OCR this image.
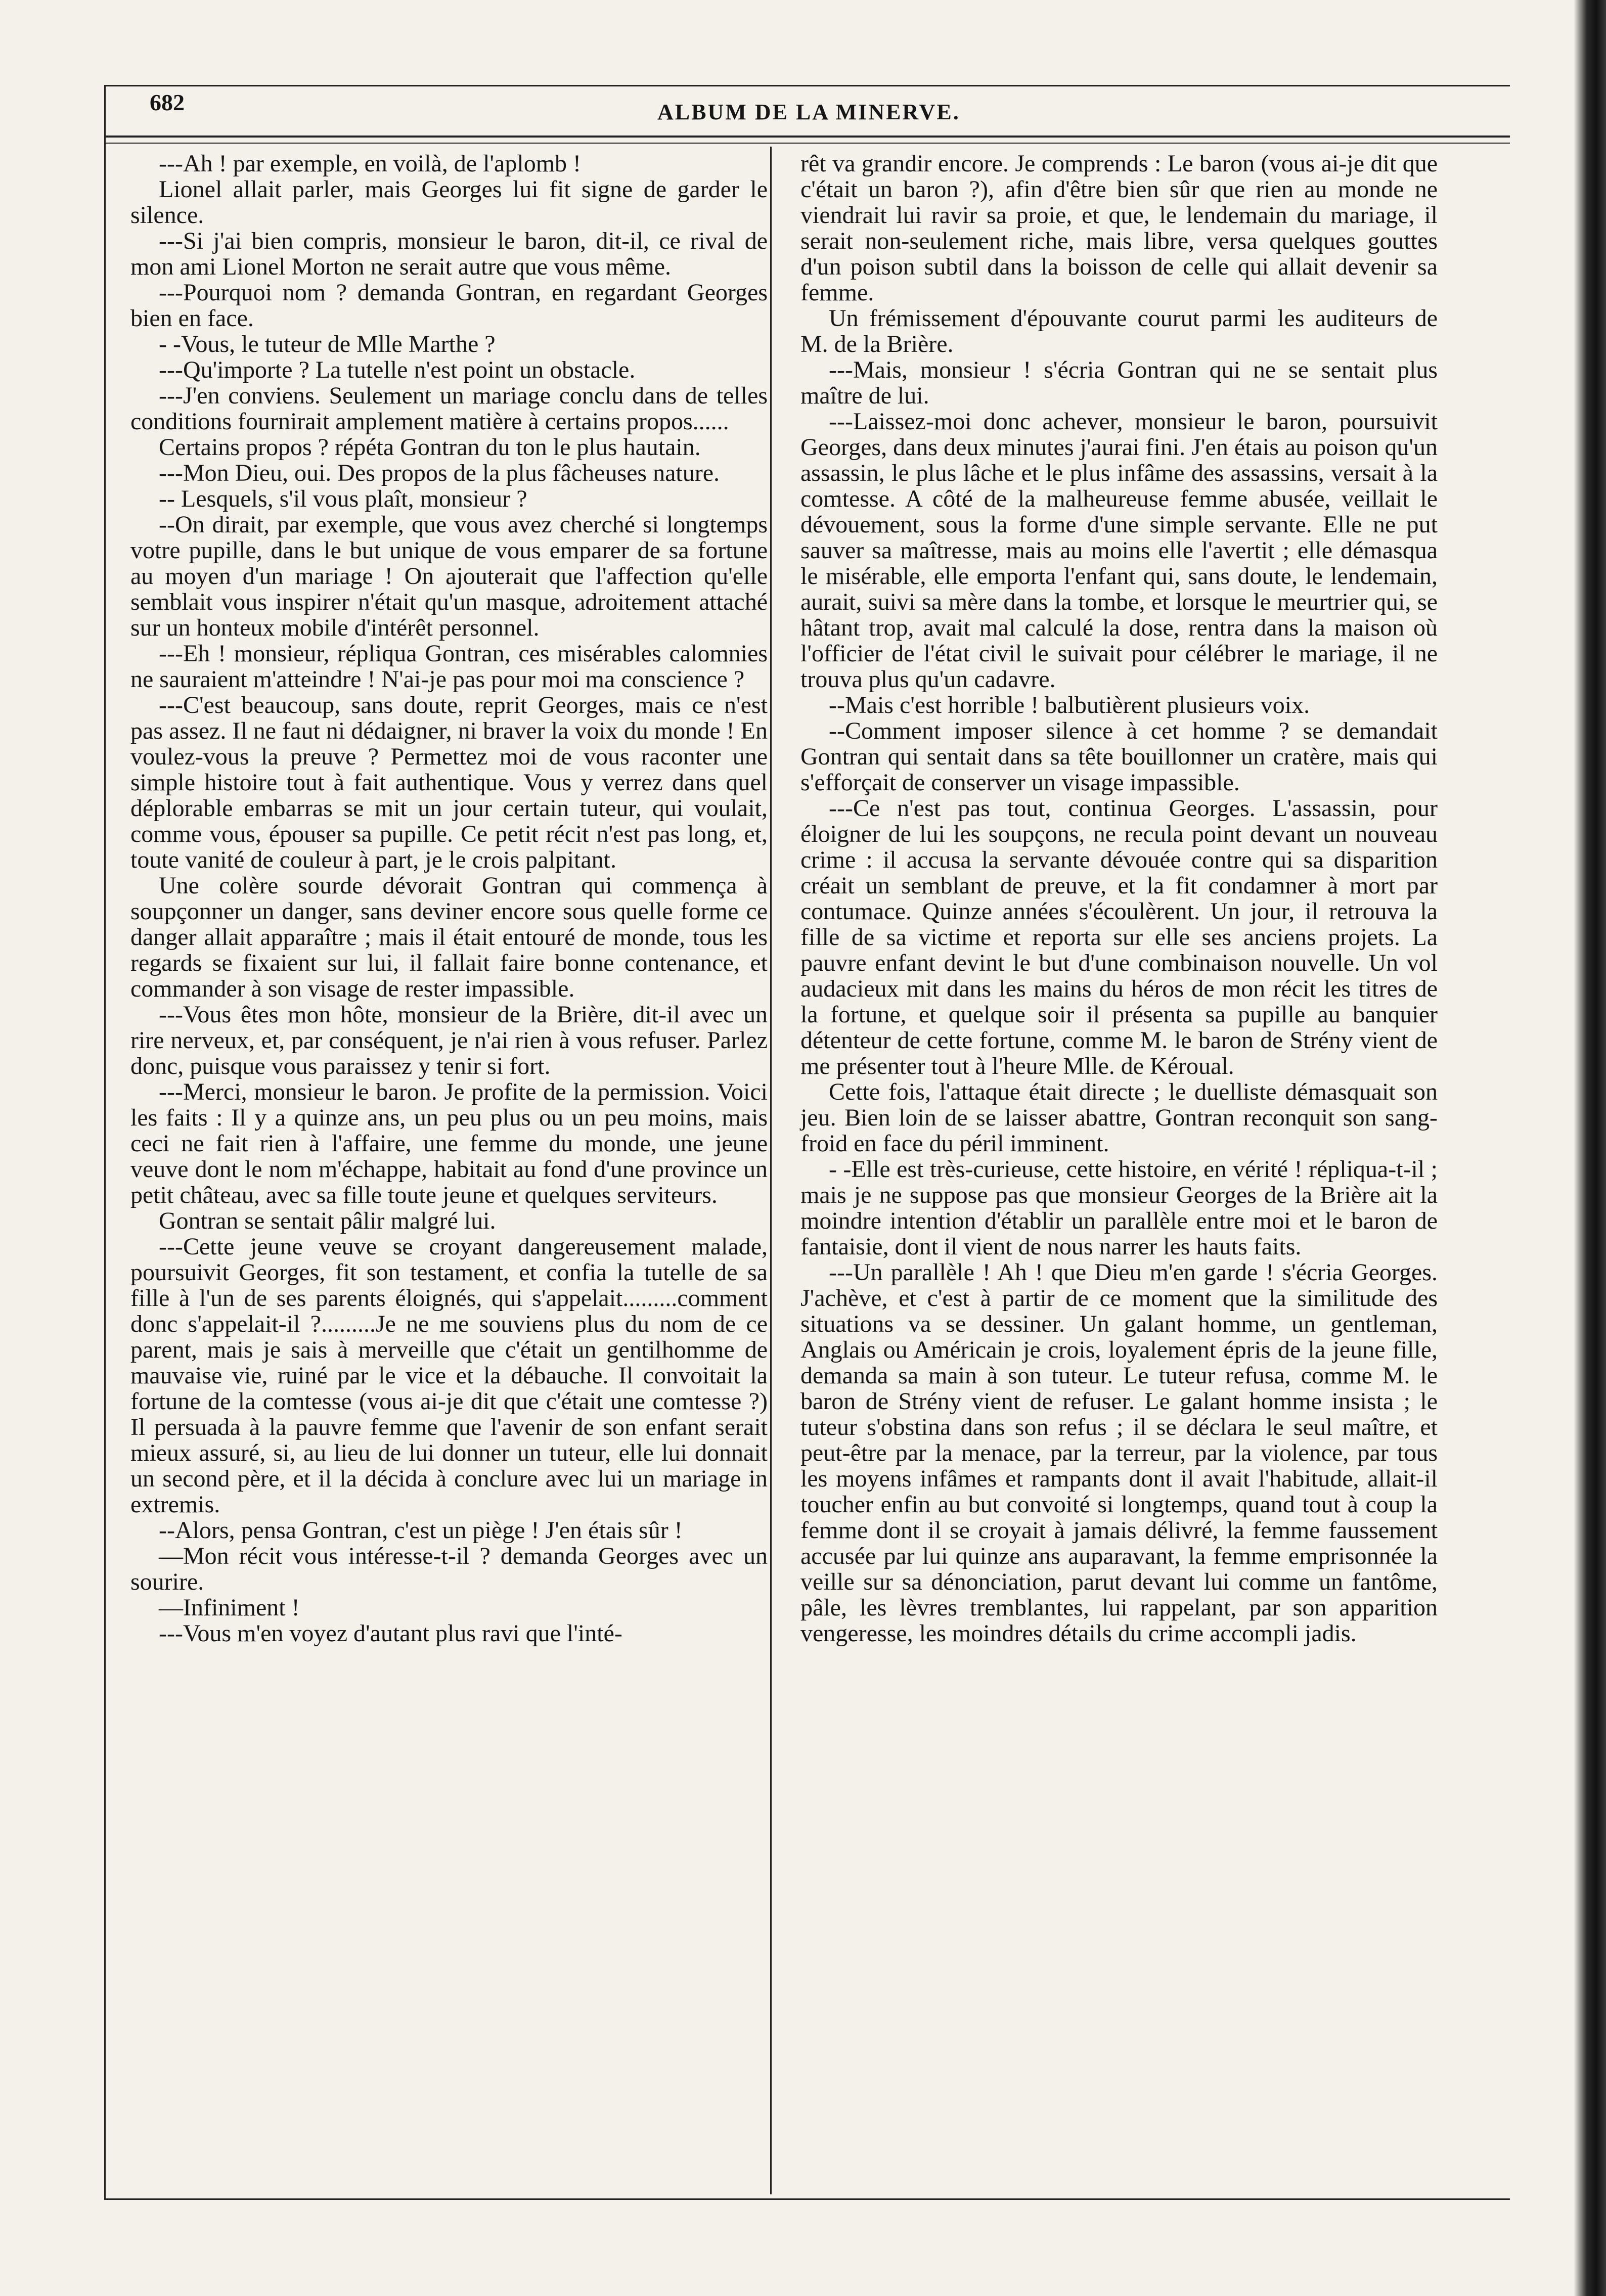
682	ALBUM DE LA MINERVE.

---Ah ! par exemple, en voilà, de l'aplomb !

Lionel allait parler, mais Georges lui fit signe de garder le silence.

---Si j'ai bien compris, monsieur le baron, dit-il, ce rival de mon ami Lionel Morton ne serait autre que vous même.

---Pourquoi nom ? demanda Gontran, en regardant Georges bien en face.

- -Vous, le tuteur de Mlle Marthe ?

---Qu'importe ? La tutelle n'est point un obstacle.

---J'en conviens. Seulement un mariage conclu dans de telles conditions fournirait amplement matière à certains propos......

Certains propos ? répéta Gontran du ton le plus hautain.

---Mon Dieu, oui. Des propos de la plus fâcheuses nature.

-- Lesquels, s'il vous plaît, monsieur ?

--On dirait, par exemple, que vous avez cherché si longtemps votre pupille, dans le but unique de vous emparer de sa fortune au moyen d'un mariage ! On ajouterait que l'affection qu'elle semblait vous inspirer n'était qu'un masque, adroitement attaché sur un honteux mobile d'intérêt personnel.

---Eh ! monsieur, répliqua Gontran, ces misérables calomnies ne sauraient m'atteindre ! N'ai-je pas pour moi ma conscience ?

---C'est beaucoup, sans doute, reprit Georges, mais ce n'est pas assez. Il ne faut ni dédaigner, ni braver la voix du monde ! En voulez-vous la preuve ? Permettez moi de vous raconter une simple histoire tout à fait authentique. Vous y verrez dans quel déplorable embarras se mit un jour certain tuteur, qui voulait, comme vous, épouser sa pupille. Ce petit récit n'est pas long, et, toute vanité de couleur à part, je le crois palpitant.

Une colère sourde dévorait Gontran qui commença à soupçonner un danger, sans deviner encore sous quelle forme ce danger allait apparaître ; mais il était entouré de monde, tous les regards se fixaient sur lui, il fallait faire bonne contenance, et commander à son visage de rester impassible.

---Vous êtes mon hôte, monsieur de la Brière, dit-il avec un rire nerveux, et, par conséquent, je n'ai rien à vous refuser. Parlez donc, puisque vous paraissez y tenir si fort.

---Merci, monsieur le baron. Je profite de la permission. Voici les faits : Il y a quinze ans, un peu plus ou un peu moins, mais ceci ne fait rien à l'affaire, une femme du monde, une jeune veuve dont le nom m'échappe, habitait au fond d'une province un petit château, avec sa fille toute jeune et quelques serviteurs.

Gontran se sentait pâlir malgré lui.

---Cette jeune veuve se croyant dangereusement malade, poursuivit Georges, fit son testament, et confia la tutelle de sa fille à l'un de ses parents éloignés, qui s'appelait.........comment donc s'appelait-il ?.........Je ne me souviens plus du nom de ce parent, mais je sais à merveille que c'était un gentilhomme de mauvaise vie, ruiné par le vice et la débauche. Il convoitait la fortune de la comtesse (vous ai-je dit que c'était une comtesse ?) Il persuada à la pauvre femme que l'avenir de son enfant serait mieux assuré, si, au lieu de lui donner un tuteur, elle lui donnait un second père, et il la décida à conclure avec lui un mariage in extremis.

--Alors, pensa Gontran, c'est un piège ! J'en étais sûr !

—Mon récit vous intéresse-t-il ? demanda Georges avec un sourire.

—Infiniment !

---Vous m'en voyez d'autant plus ravi que l'inté-

rêt va grandir encore. Je comprends : Le baron (vous ai-je dit que c'était un baron ?), afin d'être bien sûr que rien au monde ne viendrait lui ravir sa proie, et que, le lendemain du mariage, il serait non-seulement riche, mais libre, versa quelques gouttes d'un poison subtil dans la boisson de celle qui allait devenir sa femme.

Un frémissement d'épouvante courut parmi les auditeurs de M. de la Brière.

---Mais, monsieur ! s'écria Gontran qui ne se sentait plus maître de lui.

---Laissez-moi donc achever, monsieur le baron, poursuivit Georges, dans deux minutes j'aurai fini. J'en étais au poison qu'un assassin, le plus lâche et le plus infâme des assassins, versait à la comtesse. A côté de la malheureuse femme abusée, veillait le dévouement, sous la forme d'une simple servante. Elle ne put sauver sa maîtresse, mais au moins elle l'avertit ; elle démasqua le misérable, elle emporta l'enfant qui, sans doute, le lendemain, aurait, suivi sa mère dans la tombe, et lorsque le meurtrier qui, se hâtant trop, avait mal calculé la dose, rentra dans la maison où l'officier de l'état civil le suivait pour célébrer le mariage, il ne trouva plus qu'un cadavre.

--Mais c'est horrible ! balbutièrent plusieurs voix.

--Comment imposer silence à cet homme ? se demandait Gontran qui sentait dans sa tête bouillonner un cratère, mais qui s'efforçait de conserver un visage impassible.

---Ce n'est pas tout, continua Georges. L'assassin, pour éloigner de lui les soupçons, ne recula point devant un nouveau crime : il accusa la servante dévouée contre qui sa disparition créait un semblant de preuve, et la fit condamner à mort par contumace. Quinze années s'écoulèrent. Un jour, il retrouva la fille de sa victime et reporta sur elle ses anciens projets. La pauvre enfant devint le but d'une combinaison nouvelle. Un vol audacieux mit dans les mains du héros de mon récit les titres de la fortune, et quelque soir il présenta sa pupille au banquier détenteur de cette fortune, comme M. le baron de Strény vient de me présenter tout à l'heure Mlle. de Kéroual.

Cette fois, l'attaque était directe ; le duelliste démasquait son jeu. Bien loin de se laisser abattre, Gontran reconquit son sang-froid en face du péril imminent.

- -Elle est très-curieuse, cette histoire, en vérité ! répliqua-t-il ; mais je ne suppose pas que monsieur Georges de la Brière ait la moindre intention d'établir un parallèle entre moi et le baron de fantaisie, dont il vient de nous narrer les hauts faits.

---Un parallèle ! Ah ! que Dieu m'en garde ! s'écria Georges. J'achève, et c'est à partir de ce moment que la similitude des situations va se dessiner. Un galant homme, un gentleman, Anglais ou Américain je crois, loyalement épris de la jeune fille, demanda sa main à son tuteur. Le tuteur refusa, comme M. le baron de Strény vient de refuser. Le galant homme insista ; le tuteur s'obstina dans son refus ; il se déclara le seul maître, et peut-être par la menace, par la terreur, par la violence, par tous les moyens infâmes et rampants dont il avait l'habitude, allait-il toucher enfin au but convoité si longtemps, quand tout à coup la femme dont il se croyait à jamais délivré, la femme faussement accusée par lui quinze ans auparavant, la femme emprisonnée la veille sur sa dénonciation, parut devant lui comme un fantôme, pâle, les lèvres tremblantes, lui rappelant, par son apparition vengeresse, les moindres détails du crime accompli jadis.
